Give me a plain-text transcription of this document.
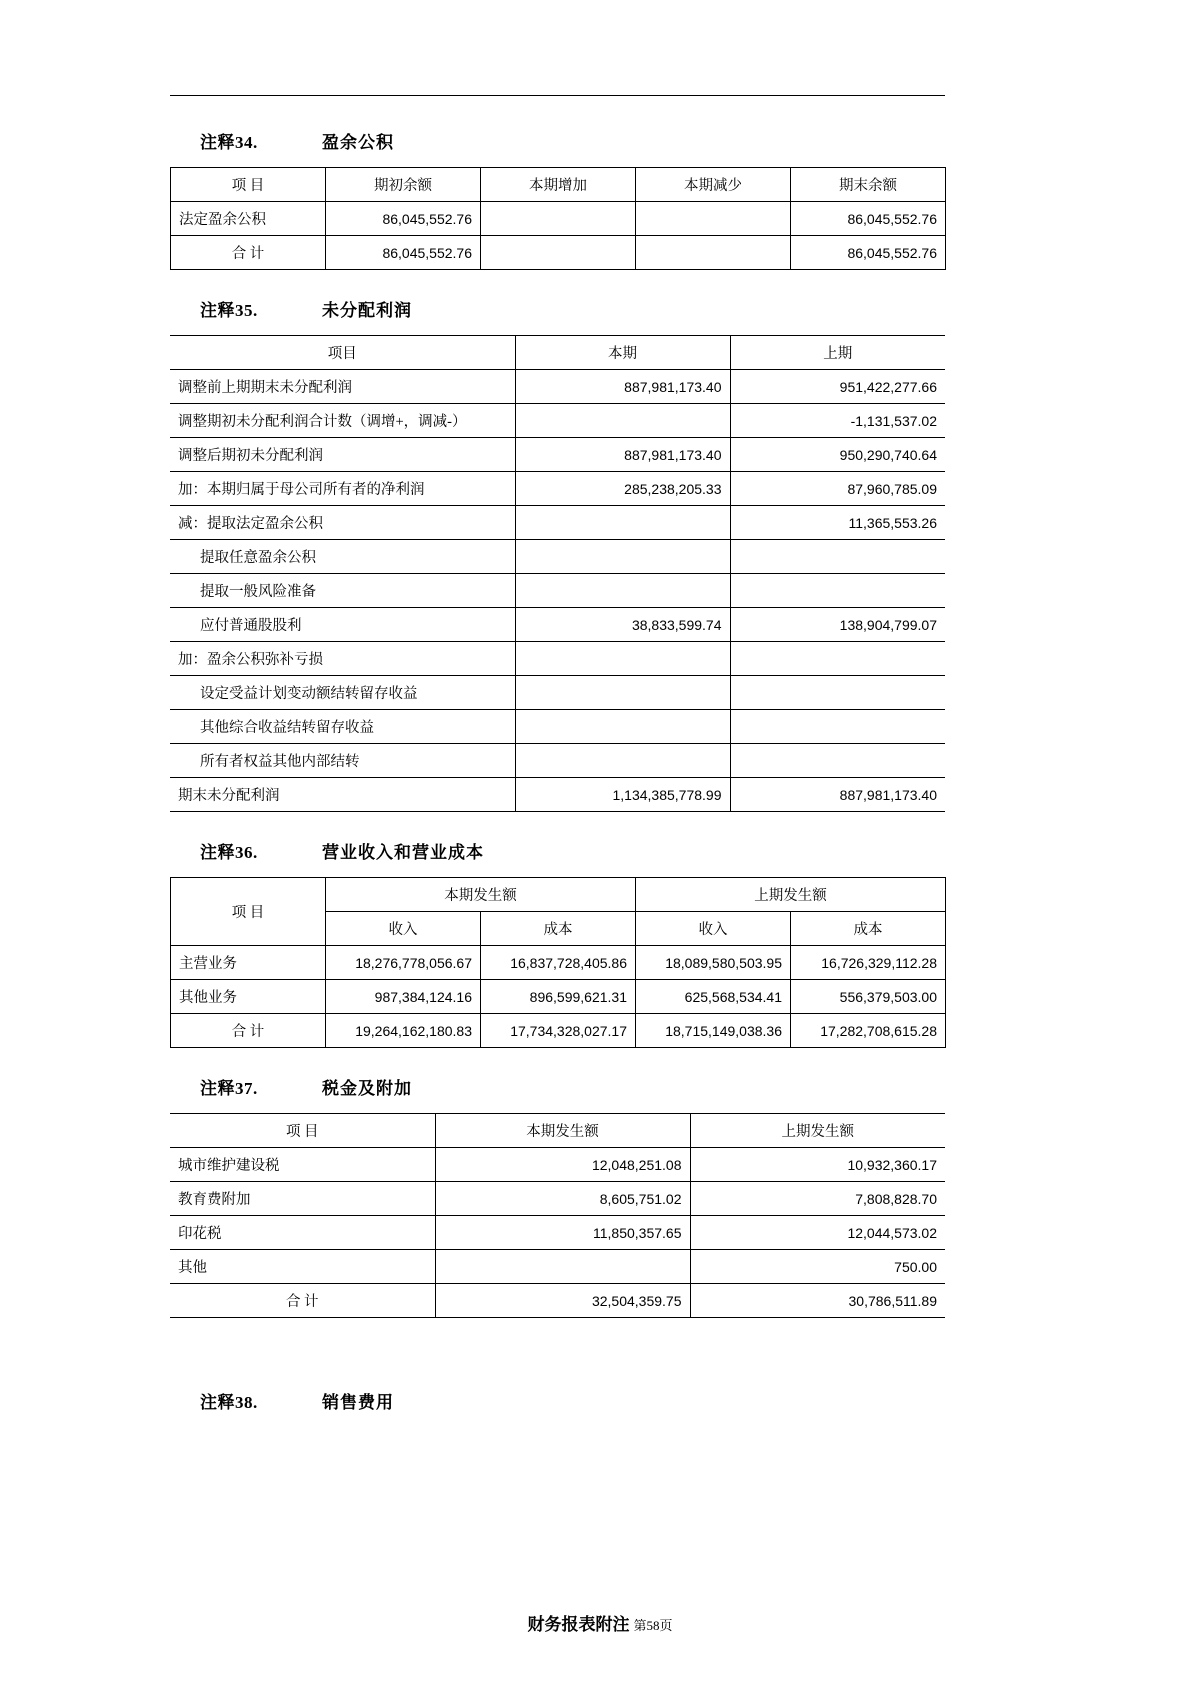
注释34.	盈余公积
项 目	期初余额	本期增加	本期减少	期末余额
法定盈余公积	86,045,552.76			86,045,552.76
合 计	86,045,552.76			86,045,552.76
注释35.	未分配利润
项目	本期	上期
调整前上期期末未分配利润	887,981,173.40	951,422,277.66
调整期初未分配利润合计数（调增+，调减-）		-1,131,537.02
调整后期初未分配利润	887,981,173.40	950,290,740.64
加：本期归属于母公司所有者的净利润	285,238,205.33	87,960,785.09
减：提取法定盈余公积		11,365,553.26
提取任意盈余公积		
提取一般风险准备		
应付普通股股利	38,833,599.74	138,904,799.07
加：盈余公积弥补亏损		
设定受益计划变动额结转留存收益		
其他综合收益结转留存收益		
所有者权益其他内部结转		
期末未分配利润	1,134,385,778.99	887,981,173.40
注释36.	营业收入和营业成本
项 目	本期发生额		上期发生额	
	收入	成本	收入	成本
主营业务	18,276,778,056.67	16,837,728,405.86	18,089,580,503.95	16,726,329,112.28
其他业务	987,384,124.16	896,599,621.31	625,568,534.41	556,379,503.00
合 计	19,264,162,180.83	17,734,328,027.17	18,715,149,038.36	17,282,708,615.28
注释37.	税金及附加
项 目	本期发生额	上期发生额
城市维护建设税	12,048,251.08	10,932,360.17
教育费附加	8,605,751.02	7,808,828.70
印花税	11,850,357.65	12,044,573.02
其他		750.00
合 计	32,504,359.75	30,786,511.89
注释38.	销售费用
财务报表附注 第58页
